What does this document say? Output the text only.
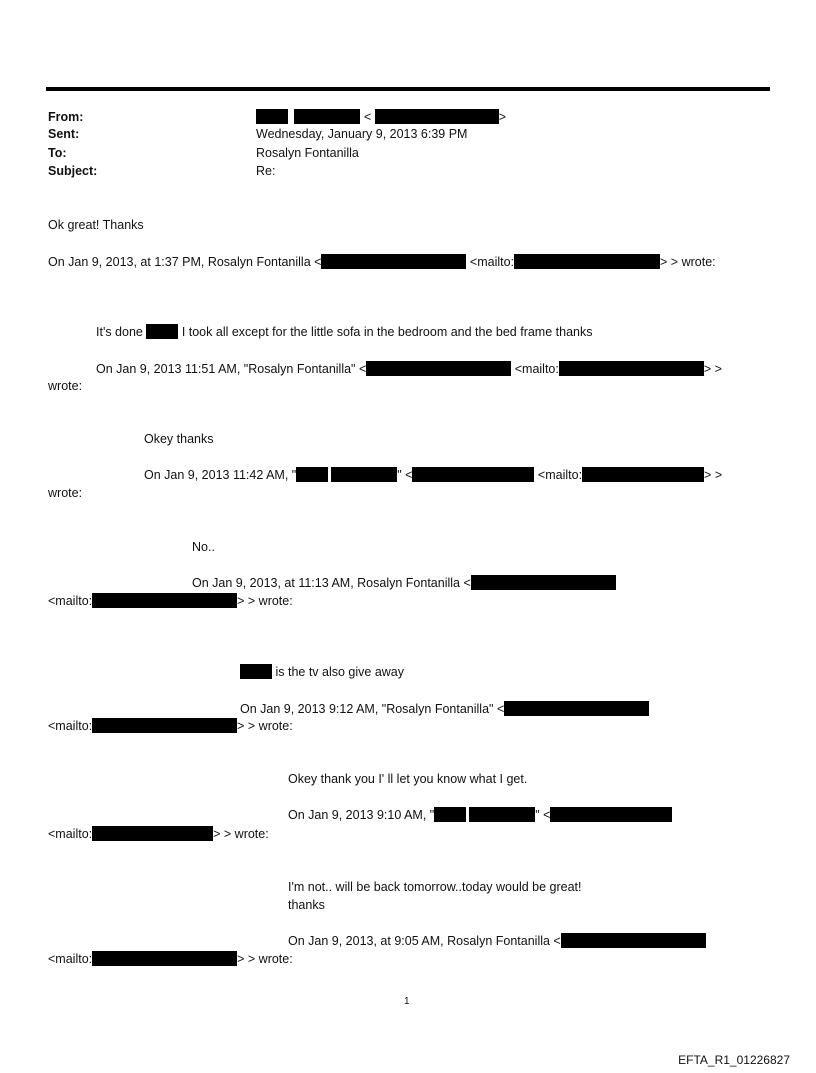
From:	<	>
Sent:	Wednesday, January 9, 2013 6:39 PM
To:	Rosalyn Fontanilla
Subject:	Re:
Ok great! Thanks
On Jan 9, 2013, at 1:37 PM, Rosalyn Fontanilla <	<mailto:	> > wrote:
It's done	I took all except for the little sofa in the bedroom and the bed frame thanks
On Jan 9, 2013 11:51 AM, "Rosalyn Fontanilla" <	<mailto:	> >
wrote:
Okey thanks
On Jan 9, 2013 11:42 AM, "	" <	<mailto:	> >
wrote:
No..
On Jan 9, 2013, at 11:13 AM, Rosalyn Fontanilla <
<mailto:	> > wrote:
is the tv also give away
On Jan 9, 2013 9:12 AM, "Rosalyn Fontanilla" <
<mailto:	> > wrote:
Okey thank you I' ll let you know what I get.
On Jan 9, 2013 9:10 AM, "	" <
<mailto:	> > wrote:
I'm not.. will be back tomorrow..today would be great!
thanks
On Jan 9, 2013, at 9:05 AM, Rosalyn Fontanilla <
<mailto:	> > wrote:
1
EFTA_R1_01226827
